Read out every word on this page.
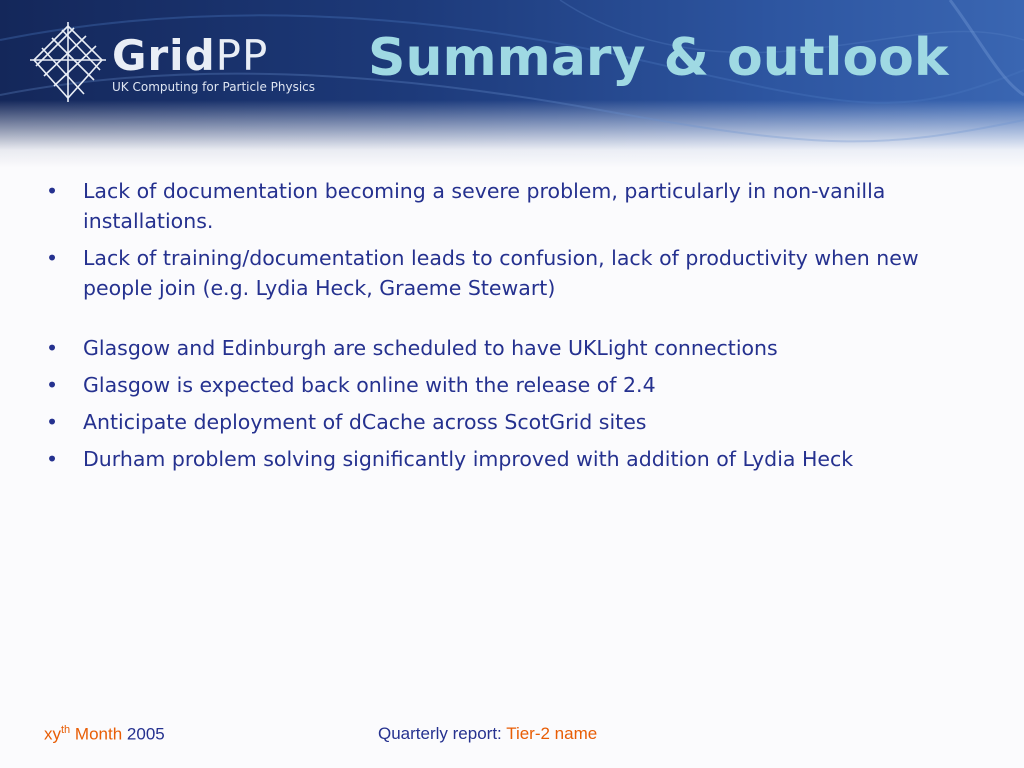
GridPP
UK Computing for Particle Physics Summary & outlook
• Lack of documentation becoming a severe problem, particularly in non-vanilla installations.
• Lack of training/documentation leads to confusion, lack of productivity when new people join (e.g. Lydia Heck, Graeme Stewart)
• Glasgow and Edinburgh are scheduled to have UKLight connections
• Glasgow is expected back online with the release of 2.4
• Anticipate deployment of dCache across ScotGrid sites
• Durham problem solving significantly improved with addition of Lydia Heck
$xy^{th}$ Month 2005	Quarterly report: Tier-2 name
